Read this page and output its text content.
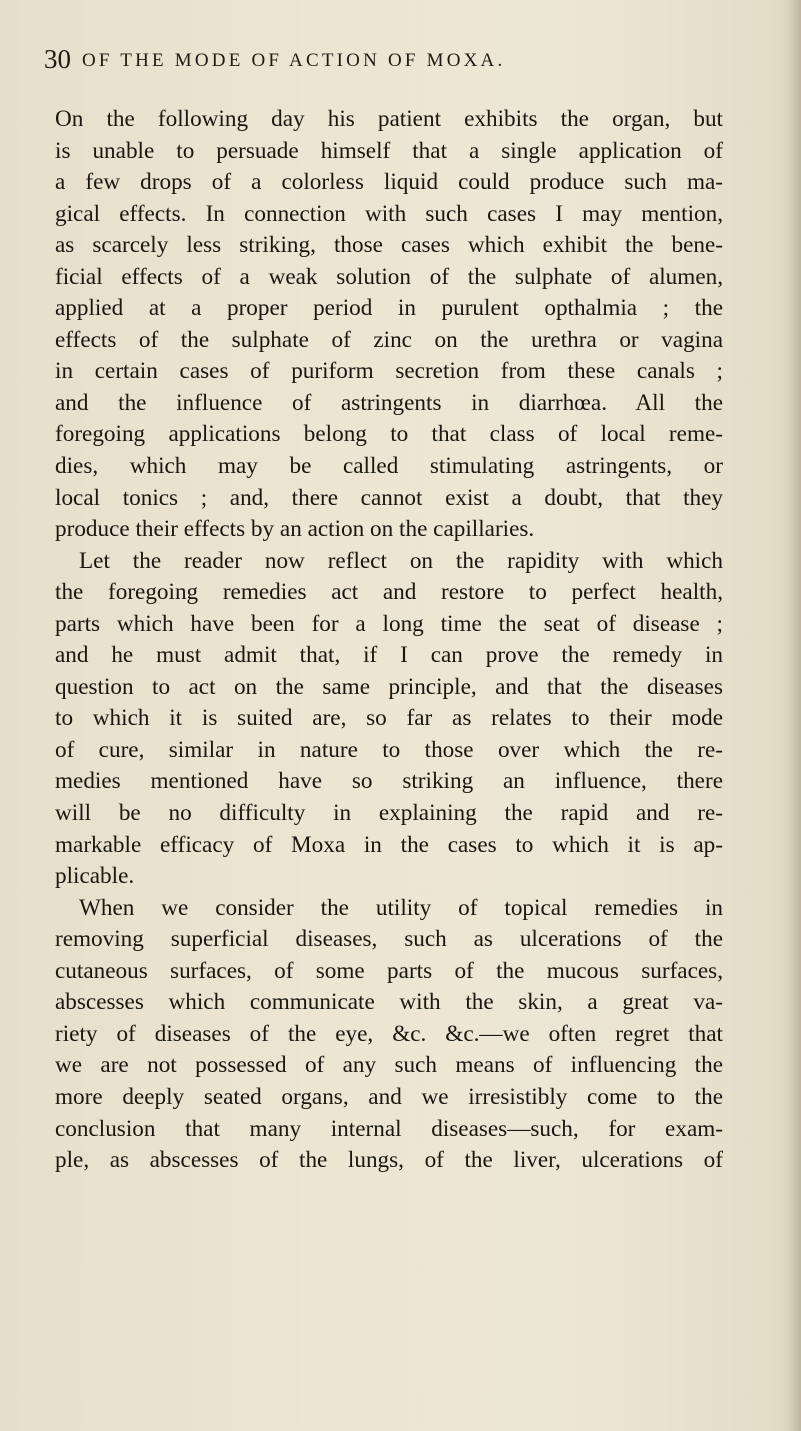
30 OF THE MODE OF ACTION OF MOXA.
On the following day his patient exhibits the organ, but
is unable to persuade himself that a single application of
a few drops of a colorless liquid could produce such ma-
gical effects. In connection with such cases I may mention,
as scarcely less striking, those cases which exhibit the bene-
ficial effects of a weak solution of the sulphate of alumen,
applied at a proper period in purulent opthalmia ; the
effects of the sulphate of zinc on the urethra or vagina
in certain cases of puriform secretion from these canals ;
and the influence of astringents in diarrhœa. All the
foregoing applications belong to that class of local reme-
dies, which may be called stimulating astringents, or
local tonics ; and, there cannot exist a doubt, that they
produce their effects by an action on the capillaries.
Let the reader now reflect on the rapidity with which
the foregoing remedies act and restore to perfect health,
parts which have been for a long time the seat of disease ;
and he must admit that, if I can prove the remedy in
question to act on the same principle, and that the diseases
to which it is suited are, so far as relates to their mode
of cure, similar in nature to those over which the re-
medies mentioned have so striking an influence, there
will be no difficulty in explaining the rapid and re-
markable efficacy of Moxa in the cases to which it is ap-
plicable.
When we consider the utility of topical remedies in
removing superficial diseases, such as ulcerations of the
cutaneous surfaces, of some parts of the mucous surfaces,
abscesses which communicate with the skin, a great va-
riety of diseases of the eye, &c. &c.—we often regret that
we are not possessed of any such means of influencing the
more deeply seated organs, and we irresistibly come to the
conclusion that many internal diseases—such, for exam-
ple, as abscesses of the lungs, of the liver, ulcerations of
